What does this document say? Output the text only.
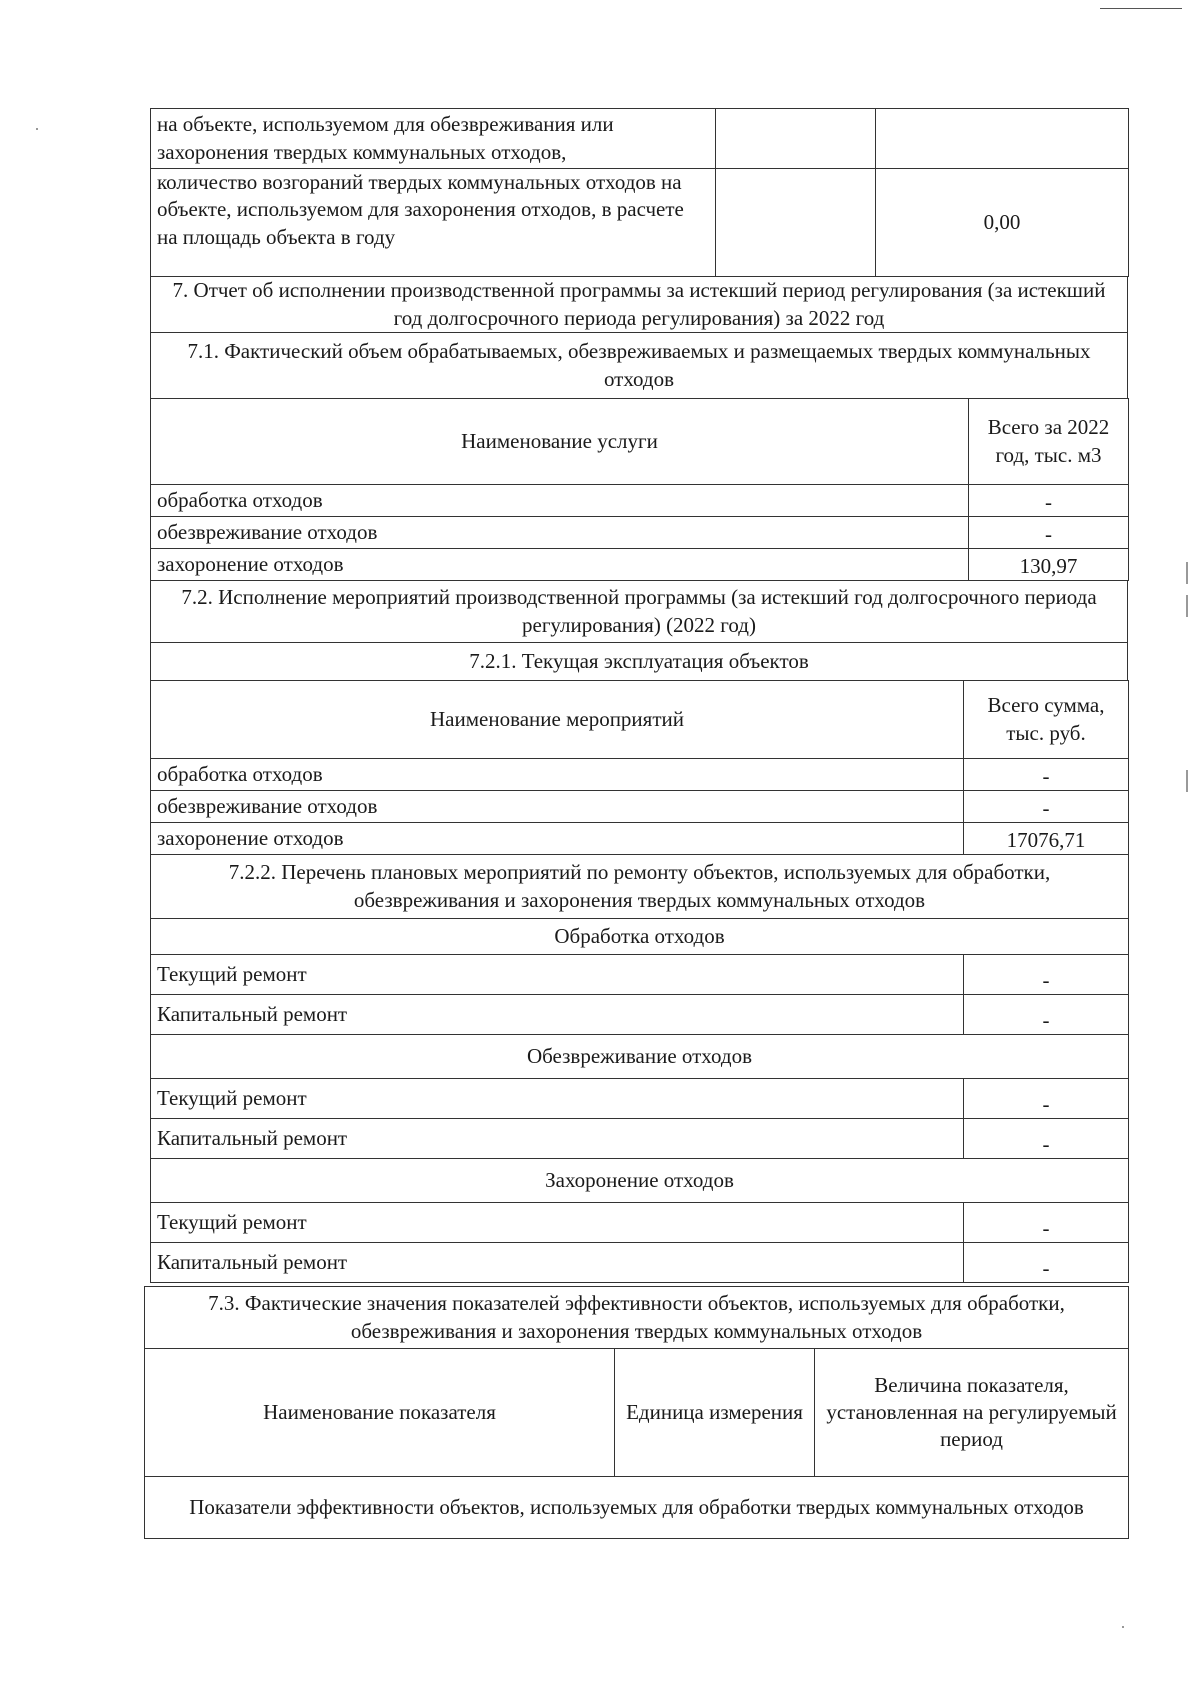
на объекте, используемом для обезвреживания или захоронения твердых коммунальных отходов,		
количество возгораний твердых коммунальных отходов на объекте, используемом для захоронения отходов, в расчете на площадь объекта в году		0,00
7. Отчет об исполнении производственной программы за истекший период регулирования (за истекший год долгосрочного периода регулирования) за 2022 год
7.1. Фактический объем обрабатываемых, обезвреживаемых и размещаемых твердых коммунальных отходов
Наименование услуги	Всего за 2022 год, тыс. м3
обработка отходов	-
обезвреживание отходов	-
захоронение отходов	130,97
7.2. Исполнение мероприятий производственной программы (за истекший год долгосрочного периода регулирования) (2022 год)
7.2.1. Текущая эксплуатация объектов
Наименование мероприятий	Всего сумма, тыс. руб.
обработка отходов	-
обезвреживание отходов	-
захоронение отходов	17076,71
7.2.2. Перечень плановых мероприятий по ремонту объектов, используемых для обработки, обезвреживания и захоронения твердых коммунальных отходов	
Обработка отходов	
Текущий ремонт	-
Капитальный ремонт	-
Обезвреживание отходов	
Текущий ремонт	-
Капитальный ремонт	-
Захоронение отходов	
Текущий ремонт	-
Капитальный ремонт	-
7.3. Фактические значения показателей эффективности объектов, используемых для обработки, обезвреживания и захоронения твердых коммунальных отходов
Наименование показателя	Единица измерения	Величина показателя, установленная на регулируемый период
Показатели эффективности объектов, используемых для обработки твердых коммунальных отходов
